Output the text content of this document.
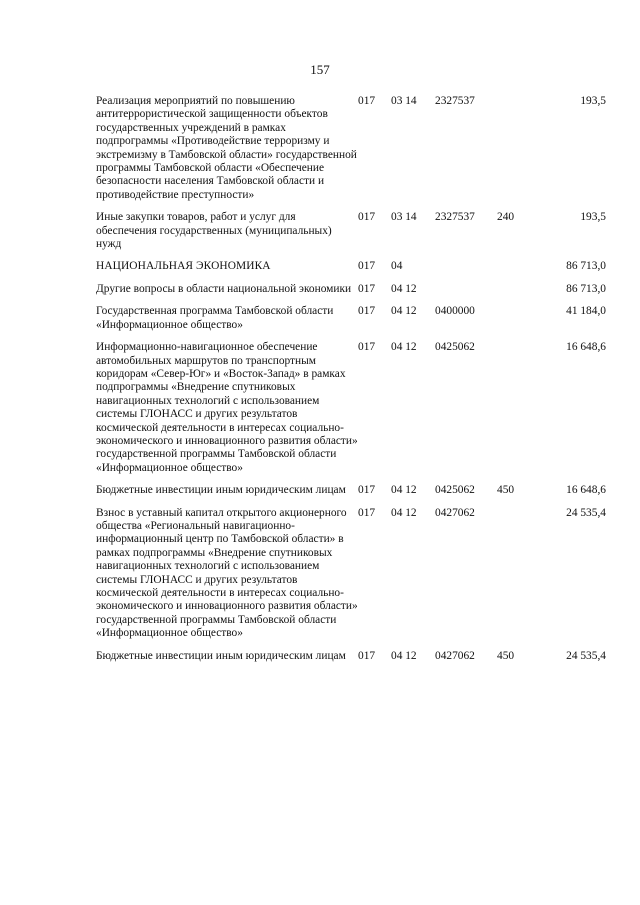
157
Реализация мероприятий по повышению антитеррористической защищенности объектов государственных учреждений в рамках подпрограммы «Противодействие терроризму и экстремизму в Тамбовской области» государственной программы Тамбовской области «Обеспечение безопасности населения Тамбовской области и противодействие преступности»	017	03 14	2327537		193,5
Иные закупки товаров, работ и услуг для обеспечения государственных (муниципальных) нужд	017	03 14	2327537	240	193,5
НАЦИОНАЛЬНАЯ ЭКОНОМИКА	017	04			86 713,0
Другие вопросы в области национальной экономики	017	04 12			86 713,0
Государственная программа Тамбовской области «Информационное общество»	017	04 12	0400000		41 184,0
Информационно-навигационное обеспечение автомобильных маршрутов по транспортным коридорам «Север-Юг» и «Восток-Запад» в рамках подпрограммы «Внедрение спутниковых навигационных технологий с использованием системы ГЛОНАСС и других результатов космической деятельности в интересах социально-экономического и инновационного развития области» государственной программы Тамбовской области «Информационное общество»	017	04 12	0425062		16 648,6
Бюджетные инвестиции иным юридическим лицам	017	04 12	0425062	450	16 648,6
Взнос в уставный капитал открытого акционерного общества «Региональный навигационно-информационный центр по Тамбовской области» в рамках подпрограммы «Внедрение спутниковых навигационных технологий с использованием системы ГЛОНАСС и других результатов космической деятельности в интересах социально-экономического и инновационного развития области» государственной программы Тамбовской области «Информационное общество»	017	04 12	0427062		24 535,4
Бюджетные инвестиции иным юридическим лицам	017	04 12	0427062	450	24 535,4
